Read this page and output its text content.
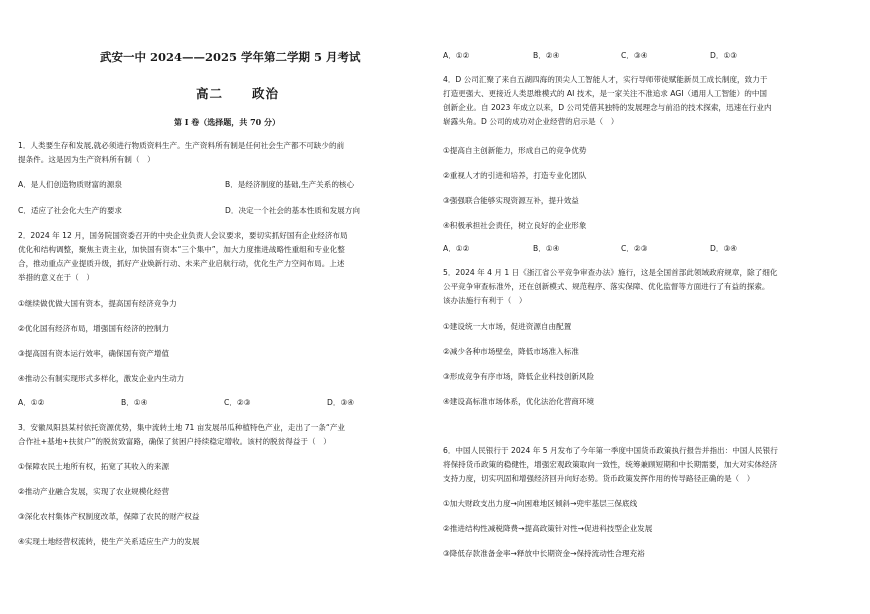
武安一中 2024——2025 学年第二学期 5 月考试
高二 政治
第 I 卷（选择题，共 70 分）
1．人类要生存和发展,就必须进行物质资料生产。生产资料所有制是任何社会生产都不可缺少的前
提条件。这是因为生产资料所有制（　）
A．是人们创造物质财富的源泉	B．是经济制度的基础,生产关系的核心
C．适应了社会化大生产的要求	D．决定一个社会的基本性质和发展方向
2．2024 年 12 月，国务院国资委召开的中央企业负责人会议要求，要切实抓好国有企业经济布局
优化和结构调整，聚焦主责主业，加快国有资本“三个集中”，加大力度推进战略性重组和专业化整
合，推动重点产业提质升级，抓好产业焕新行动、未来产业启航行动，优化生产力空间布局。上述
举措的意义在于（　）
①继续做优做大国有资本，提高国有经济竞争力
②优化国有经济布局，增强国有经济的控制力
③提高国有资本运行效率，确保国有资产增值
④推动公有制实现形式多样化，激发企业内生动力
A．①②	B．①④	C．②③	D．③④
3．安徽凤阳县某村依托资源优势，集中流转土地 71 亩发展吊瓜种植特色产业，走出了一条“产业
合作社+基地+扶贫户”的脱贫致富路，确保了贫困户持续稳定增收。该村的脱贫得益于（　）
①保障农民土地所有权，拓宽了其收入的来源
②推动产业融合发展，实现了农业规模化经营
③深化农村集体产权制度改革，保障了农民的财产权益
④实现土地经营权流转，使生产关系适应生产力的发展
A．①②	B．②④	C．③④	D．①③
4．D 公司汇聚了来自五湖四海的顶尖人工智能人才，实行导师带徒赋能新员工成长制度，致力于
打造更强大、更接近人类思维模式的 AI 技术，是一家关注不准追求 AGI（通用人工智能）的中国
创新企业。自 2023 年成立以来，D 公司凭借其独特的发展理念与前沿的技术探索，迅速在行业内
崭露头角。D 公司的成功对企业经营的启示是（　）
①提高自主创新能力，形成自己的竞争优势
②重视人才的引进和培养，打造专业化团队
③强强联合能够实现资源互补，提升效益
④积极承担社会责任，树立良好的企业形象
A．①②	B．①④	C．②③	D．③④
5．2024 年 4 月 1 日《浙江省公平竞争审查办法》施行，这是全国首部此领域政府规章，除了细化
公平竞争审查标准外，还在创新模式、规范程序、落实保障、优化监督等方面进行了有益的探索。
该办法施行有利于（　）
①建设统一大市场，促进资源自由配置
②减少各种市场壁垒，降低市场准入标准
③形成竞争有序市场，降低企业科技创新风险
④建设高标准市场体系，优化法治化营商环境
6．中国人民银行于 2024 年 5 月发布了今年第一季度中国货币政策执行报告并指出：中国人民银行
将保持货币政策的稳健性，增强宏观政策取向一致性，统筹兼顾短期和中长期需要，加大对实体经济
支持力度，切实巩固和增强经济回升向好态势。货币政策发挥作用的传导路径正确的是（　）
①加大财政支出力度→向困难地区倾斜→兜牢基层三保底线
②推进结构性减税降费→提高政策针对性→促进科技型企业发展
③降低存款准备金率→释放中长期资金→保持流动性合理充裕
